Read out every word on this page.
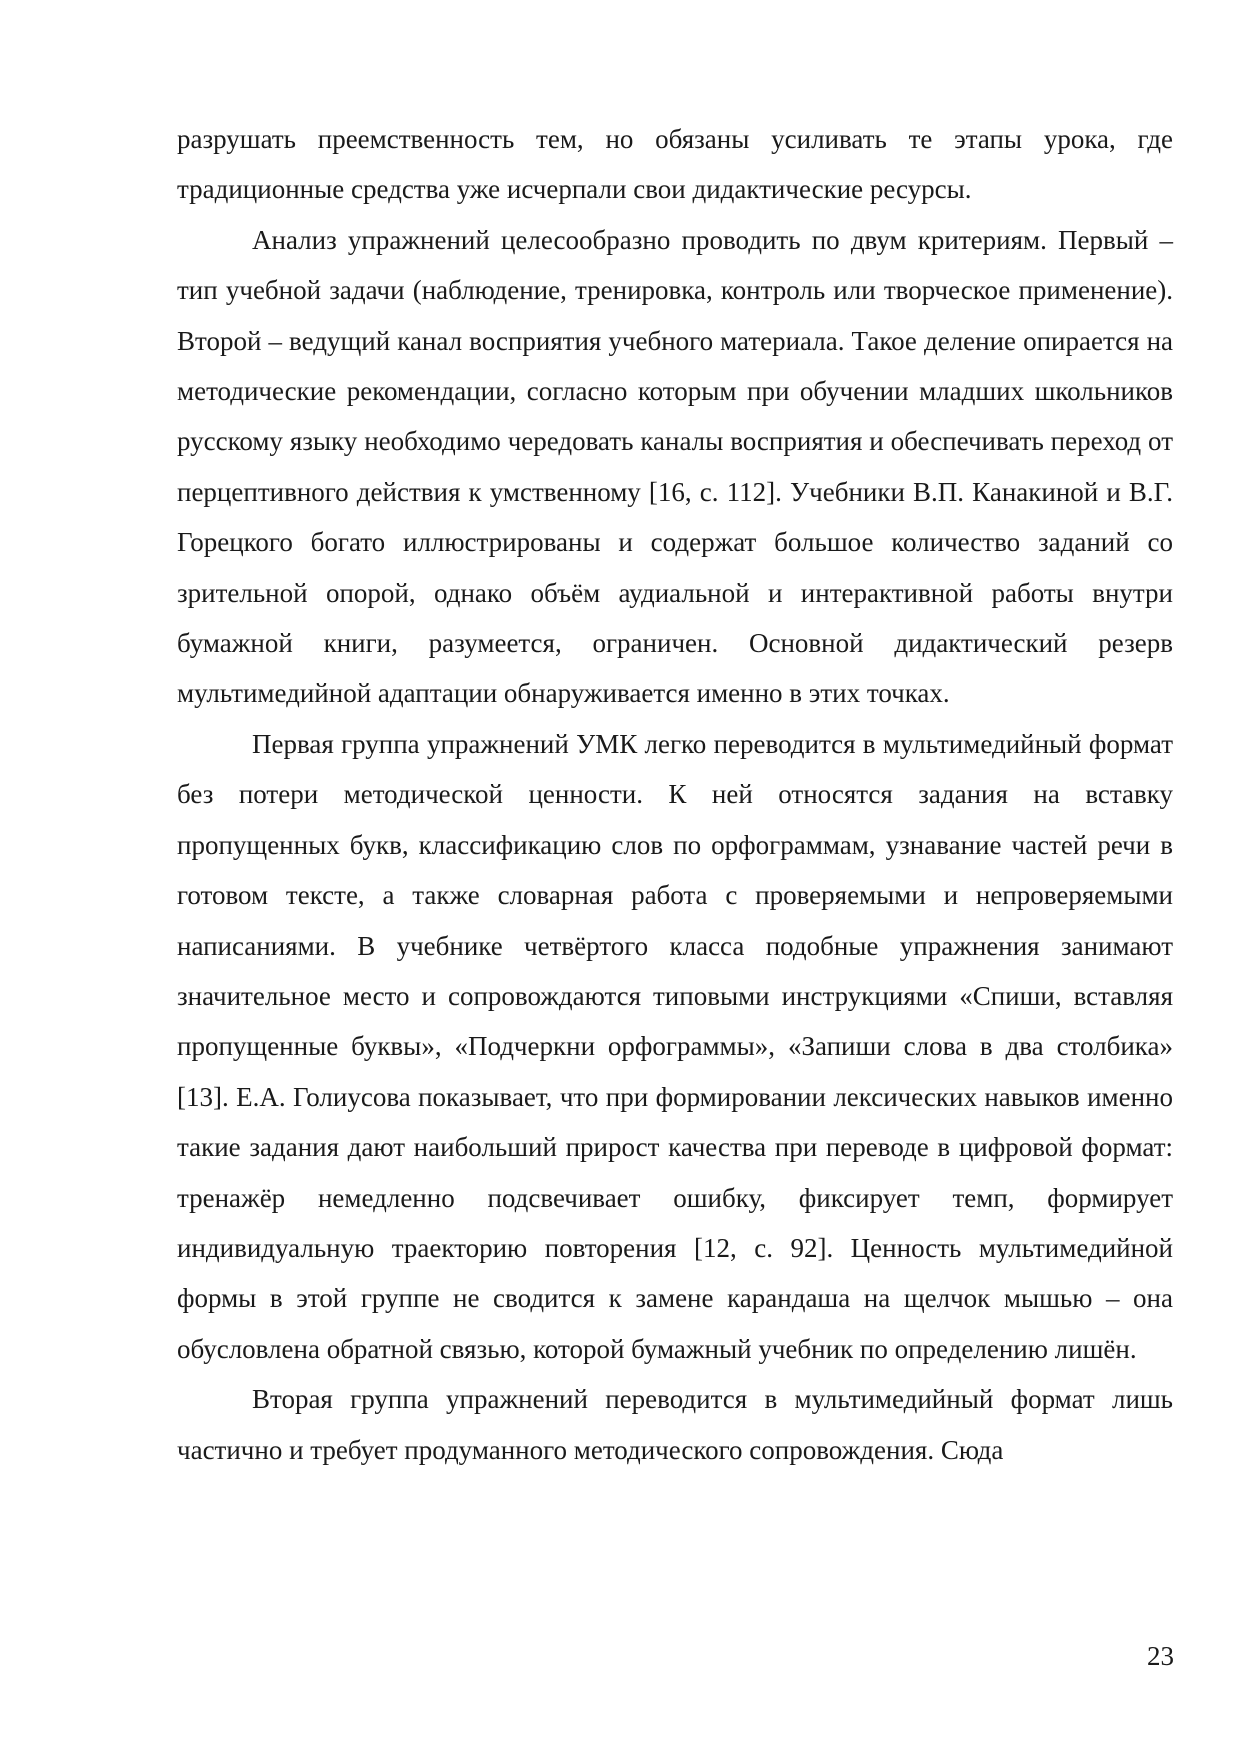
разрушать преемственность тем, но обязаны усиливать те этапы урока, где традиционные средства уже исчерпали свои дидактические ресурсы.

Анализ упражнений целесообразно проводить по двум критериям. Первый – тип учебной задачи (наблюдение, тренировка, контроль или творческое применение). Второй – ведущий канал восприятия учебного материала. Такое деление опирается на методические рекомендации, согласно которым при обучении младших школьников русскому языку необходимо чередовать каналы восприятия и обеспечивать переход от перцептивного действия к умственному [16, с. 112]. Учебники В.П. Канакиной и В.Г. Горецкого богато иллюстрированы и содержат большое количество заданий со зрительной опорой, однако объём аудиальной и интерактивной работы внутри бумажной книги, разумеется, ограничен. Основной дидактический резерв мультимедийной адаптации обнаруживается именно в этих точках.

Первая группа упражнений УМК легко переводится в мультимедийный формат без потери методической ценности. К ней относятся задания на вставку пропущенных букв, классификацию слов по орфограммам, узнавание частей речи в готовом тексте, а также словарная работа с проверяемыми и непроверяемыми написаниями. В учебнике четвёртого класса подобные упражнения занимают значительное место и сопровождаются типовыми инструкциями «Спиши, вставляя пропущенные буквы», «Подчеркни орфограммы», «Запиши слова в два столбика» [13]. Е.А. Голиусова показывает, что при формировании лексических навыков именно такие задания дают наибольший прирост качества при переводе в цифровой формат: тренажёр немедленно подсвечивает ошибку, фиксирует темп, формирует индивидуальную траекторию повторения [12, с. 92]. Ценность мультимедийной формы в этой группе не сводится к замене карандаша на щелчок мышью – она обусловлена обратной связью, которой бумажный учебник по определению лишён.

Вторая группа упражнений переводится в мультимедийный формат лишь частично и требует продуманного методического сопровождения. Сюда

23
